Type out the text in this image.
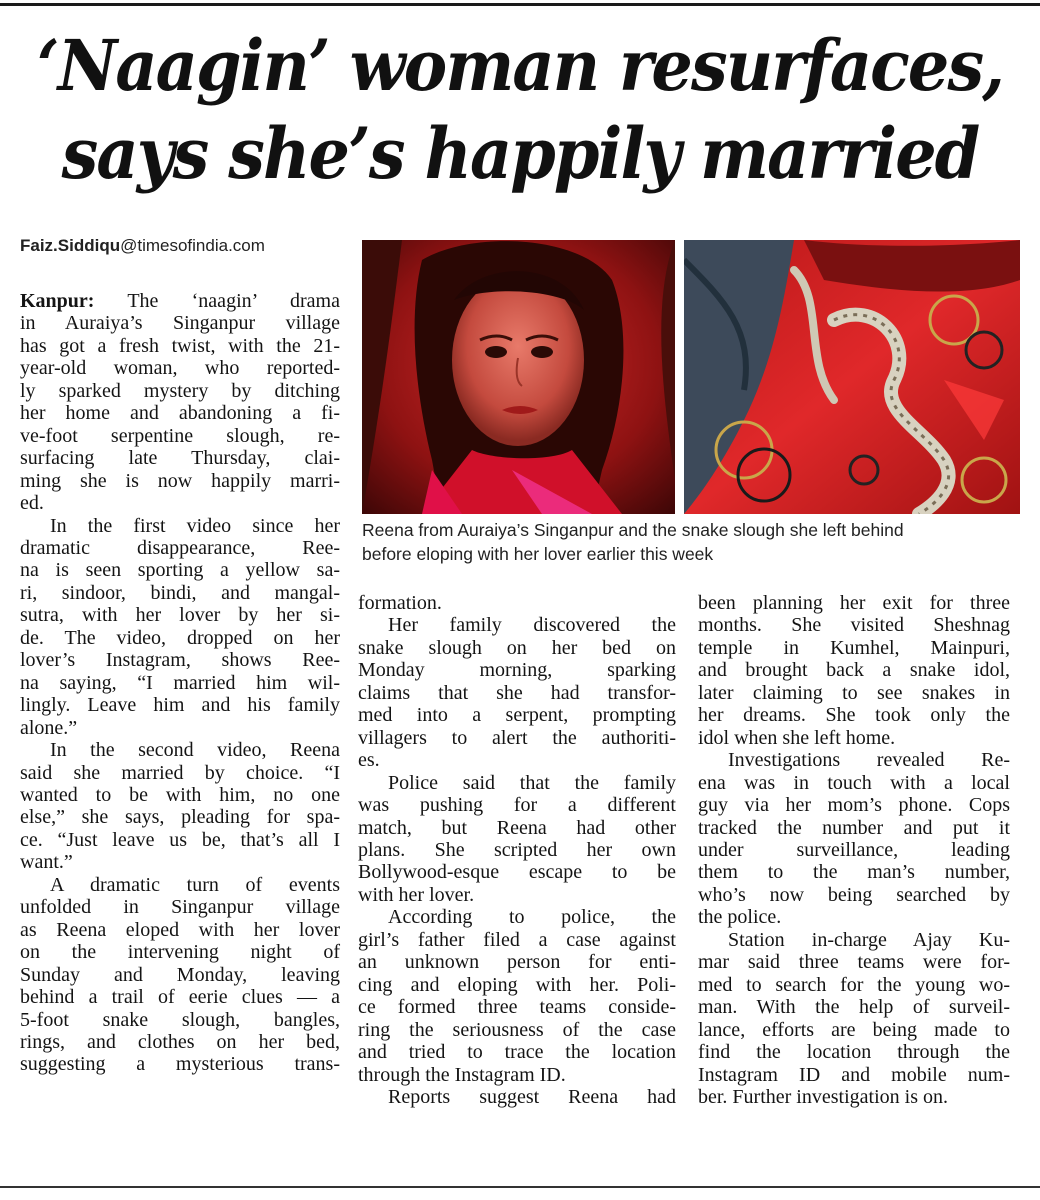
‘Naagin’ woman resurfaces,
says she’s happily married
Faiz.Siddiqu@timesofindia.com
Reena from Auraiya’s Singanpur and the snake slough she left behind
before eloping with her lover earlier this week
Kanpur: The ‘naagin’ drama
in Auraiya’s Singanpur village
has got a fresh twist, with the 21-
year-old woman, who reported-
ly sparked mystery by ditching
her home and abandoning a fi-
ve-foot serpentine slough, re-
surfacing late Thursday, clai-
ming she is now happily marri-
ed.
In the first video since her
dramatic disappearance, Ree-
na is seen sporting a yellow sa-
ri, sindoor, bindi, and mangal-
sutra, with her lover by her si-
de. The video, dropped on her
lover’s Instagram, shows Ree-
na saying, “I married him wil-
lingly. Leave him and his family
alone.”
In the second video, Reena
said she married by choice. “I
wanted to be with him, no one
else,” she says, pleading for spa-
ce. “Just leave us be, that’s all I
want.”
A dramatic turn of events
unfolded in Singanpur village
as Reena eloped with her lover
on the intervening night of
Sunday and Monday, leaving
behind a trail of eerie clues — a
5-foot snake slough, bangles,
rings, and clothes on her bed,
suggesting a mysterious trans-
formation.
Her family discovered the
snake slough on her bed on
Monday morning, sparking
claims that she had transfor-
med into a serpent, prompting
villagers to alert the authoriti-
es.
Police said that the family
was pushing for a different
match, but Reena had other
plans. She scripted her own
Bollywood-esque escape to be
with her lover.
According to police, the
girl’s father filed a case against
an unknown person for enti-
cing and eloping with her. Poli-
ce formed three teams conside-
ring the seriousness of the case
and tried to trace the location
through the Instagram ID.
Reports suggest Reena had
been planning her exit for three
months. She visited Sheshnag
temple in Kumhel, Mainpuri,
and brought back a snake idol,
later claiming to see snakes in
her dreams. She took only the
idol when she left home.
Investigations revealed Re-
ena was in touch with a local
guy via her mom’s phone. Cops
tracked the number and put it
under surveillance, leading
them to the man’s number,
who’s now being searched by
the police.
Station in-charge Ajay Ku-
mar said three teams were for-
med to search for the young wo-
man. With the help of surveil-
lance, efforts are being made to
find the location through the
Instagram ID and mobile num-
ber. Further investigation is on.
